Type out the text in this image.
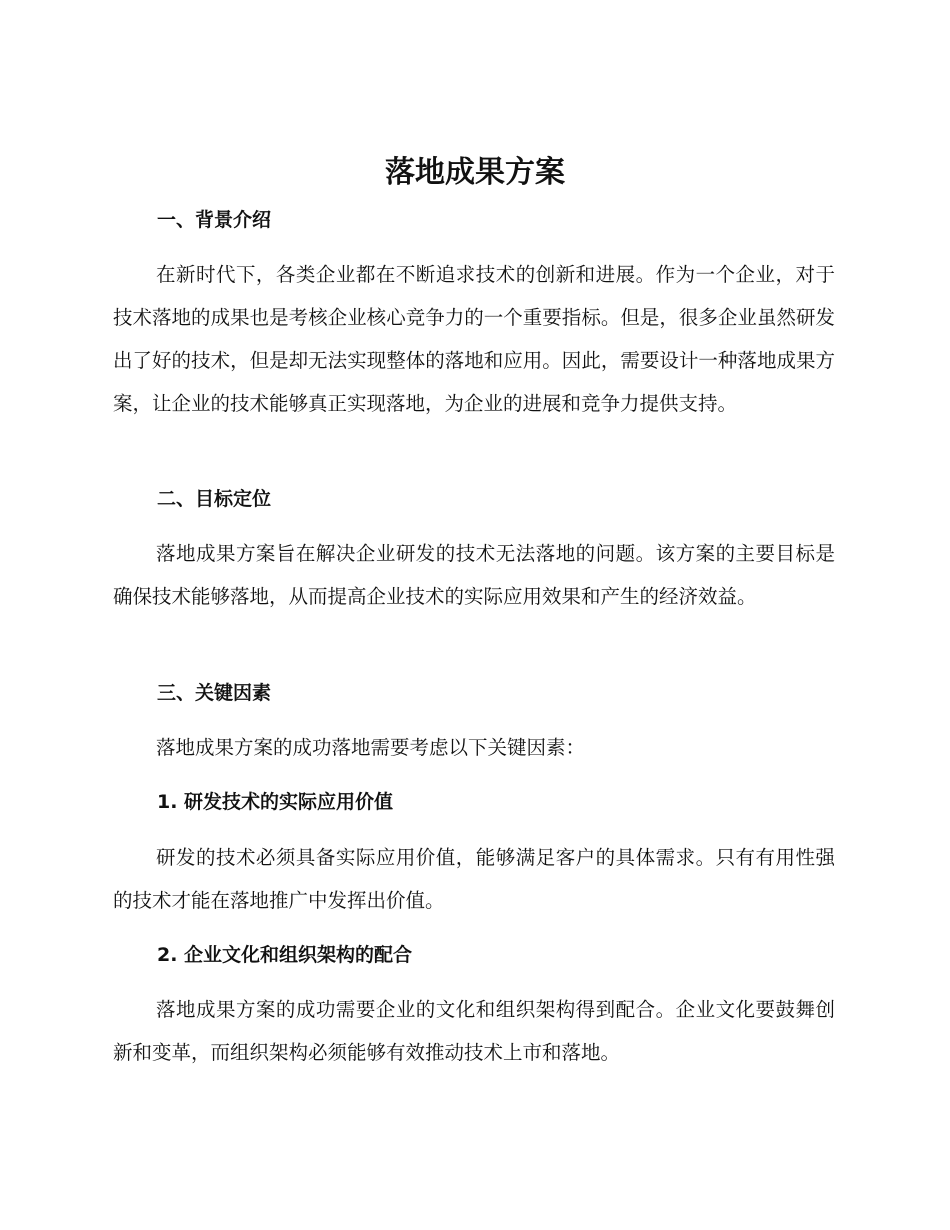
落地成果方案
一、背景介绍

在新时代下，各类企业都在不断追求技术的创新和进展。作为一个企业，对于技术落地的成果也是考核企业核心竞争力的一个重要指标。但是，很多企业虽然研发出了好的技术，但是却无法实现整体的落地和应用。因此，需要设计一种落地成果方案，让企业的技术能够真正实现落地，为企业的进展和竞争力提供支持。

二、目标定位

落地成果方案旨在解决企业研发的技术无法落地的问题。该方案的主要目标是确保技术能够落地，从而提高企业技术的实际应用效果和产生的经济效益。

三、关键因素

落地成果方案的成功落地需要考虑以下关键因素：

1. 研发技术的实际应用价值

研发的技术必须具备实际应用价值，能够满足客户的具体需求。只有有用性强的技术才能在落地推广中发挥出价值。

2. 企业文化和组织架构的配合

落地成果方案的成功需要企业的文化和组织架构得到配合。企业文化要鼓舞创新和变革，而组织架构必须能够有效推动技术上市和落地。
